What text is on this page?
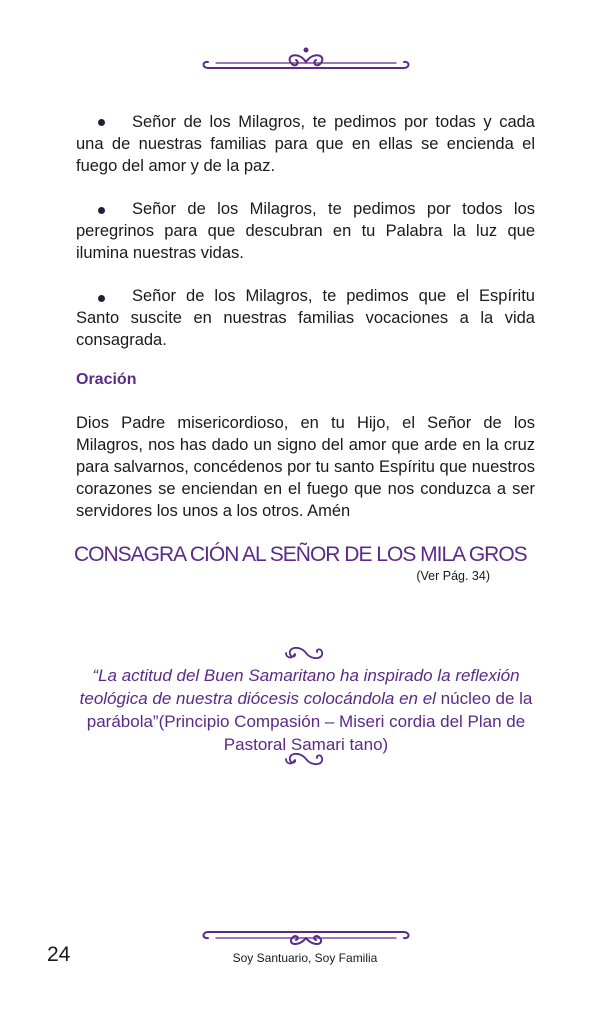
Señor de los Milagros, te pedimos por todas y cada una de nuestras familias para que en ellas se encienda el fuego del amor y de la paz.

Señor de los Milagros, te pedimos por todos los peregrinos para que descubran en tu Palabra la luz que ilumina nuestras vidas.

Señor de los Milagros, te pedimos que el Espíritu Santo suscite en nuestras familias vocaciones a la vida consagrada.

Oración

Dios Padre misericordioso, en tu Hijo, el Señor de los Milagros, nos has dado un signo del amor que arde en la cruz para salvarnos, concédenos por tu santo Espíritu que nuestros corazones se enciendan en el fuego que nos conduzca a ser servidores los unos a los otros. Amén

CONSAGRA CIÓN AL SEÑOR DE LOS MILA GROS
(Ver Pág. 34)
“La actitud del Buen Samaritano ha inspirado la reflexión teológica de nuestra diócesis colocándola en el núcleo de la parábola”(Principio Compasión – Miseri cordia del Plan de Pastoral Samari tano)
24	Soy Santuario, Soy Familia
